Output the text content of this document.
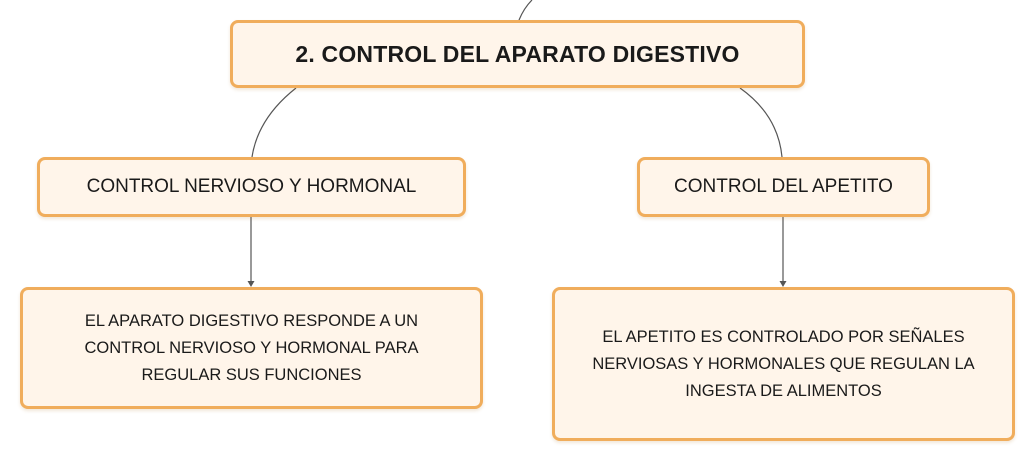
2. CONTROL DEL APARATO DIGESTIVO
CONTROL NERVIOSO Y HORMONAL	CONTROL DEL APETITO
EL APARATO DIGESTIVO RESPONDE A UN CONTROL NERVIOSO Y HORMONAL PARA REGULAR SUS FUNCIONES
EL APETITO ES CONTROLADO POR SEÑALES NERVIOSAS Y HORMONALES QUE REGULAN LA INGESTA DE ALIMENTOS
